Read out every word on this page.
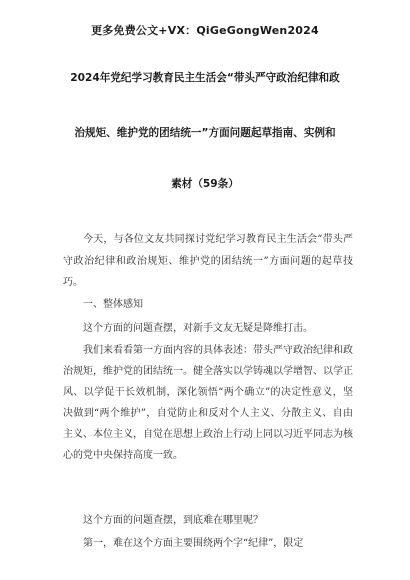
更多免费公文+VX：QiGeGongWen2024
2024年党纪学习教育民主生活会“带头严守政治纪律和政
治规矩、维护党的团结统一”方面问题起草指南、实例和
素材（59条）
今天，与各位文友共同探讨党纪学习教育民主生活会“带头严守政治纪律和政治规矩、维护党的团结统一”方面问题的起草技巧。
一、整体感知
这个方面的问题查摆，对新手文友无疑是降维打击。
我们来看看第一方面内容的具体表述：带头严守政治纪律和政治规矩，维护党的团结统一。健全落实以学铸魂以学增智、以学正风、以学促干长效机制，深化领悟“两个确立”的决定性意义，坚决做到“两个维护”，自觉防止和反对个人主义、分散主义、自由主义、本位主义，自觉在思想上政治上行动上同以习近平同志为核心的党中央保持高度一致。
这个方面的问题查摆，到底难在哪里呢？
第一，难在这个方面主要围绕两个字“纪律”，限定
